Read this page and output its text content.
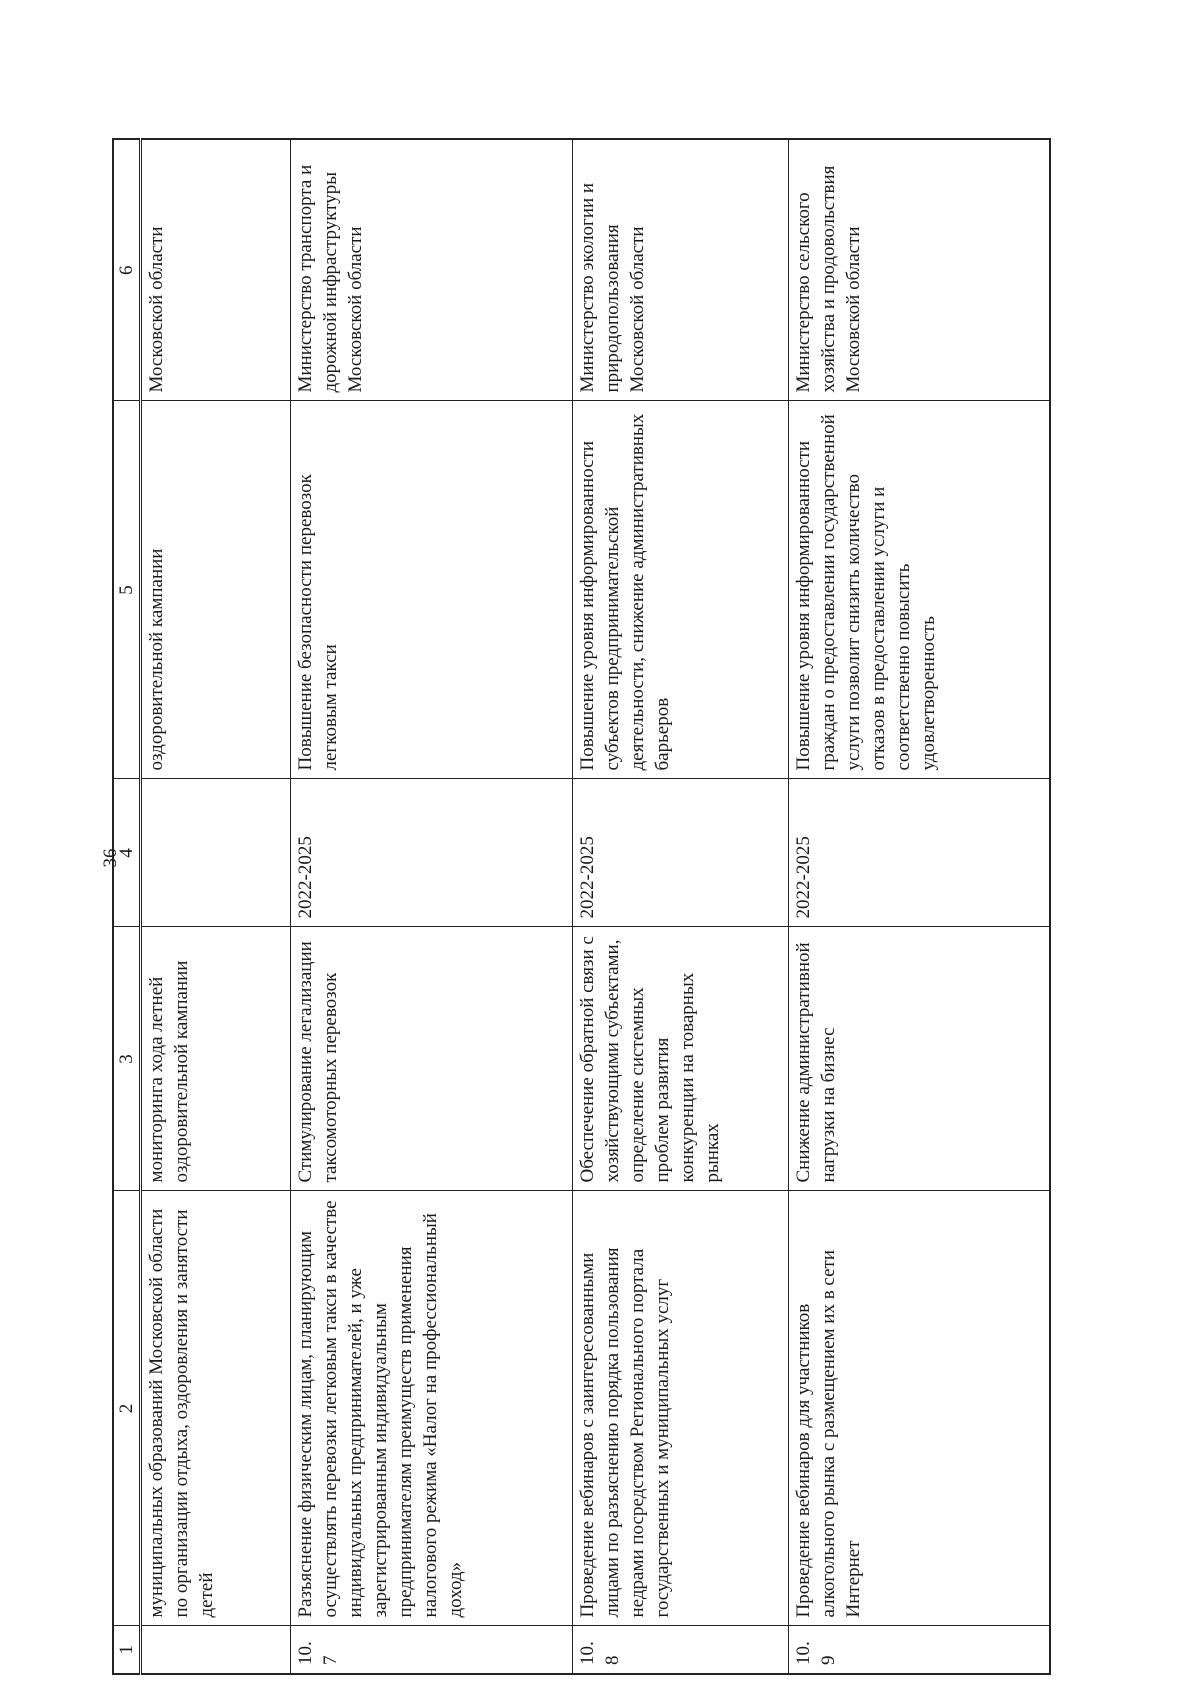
36
1	2	3	4	5	6
	муниципальных образований Московской области по организации отдыха, оздоровления и занятости детей	мониторинга хода летней оздоровительной кампании		оздоровительной кампании	Московской области
10.7	Разъяснение физическим лицам, планирующим осуществлять перевозки легковым такси в качестве индивидуальных предпринимателей, и уже зарегистрированным индивидуальным предпринимателям преимуществ применения налогового режима «Налог на профессиональный доход»	Стимулирование легализации таксомоторных перевозок	2022-2025	Повышение безопасности перевозок легковым такси	Министерство транспорта и дорожной инфраструктуры Московской области
10.8	Проведение вебинаров с заинтересованными лицами по разъяснению порядка пользования недрами посредством Регионального портала государственных и муниципальных услуг	Обеспечение обратной связи с хозяйствующими субъектами, определение системных проблем развития конкуренции на товарных рынках	2022-2025	Повышение уровня информированности субъектов предпринимательской деятельности, снижение административных барьеров	Министерство экологии и природопользования Московской области
10.9	Проведение вебинаров для участников алкогольного рынка с размещением их в сети Интернет	Снижение административной нагрузки на бизнес	2022-2025	Повышение уровня информированности граждан о предоставлении государственной услуги позволит снизить количество отказов в предоставлении услуги и соответственно повысить удовлетворенность	Министерство сельского хозяйства и продовольствия Московской области
